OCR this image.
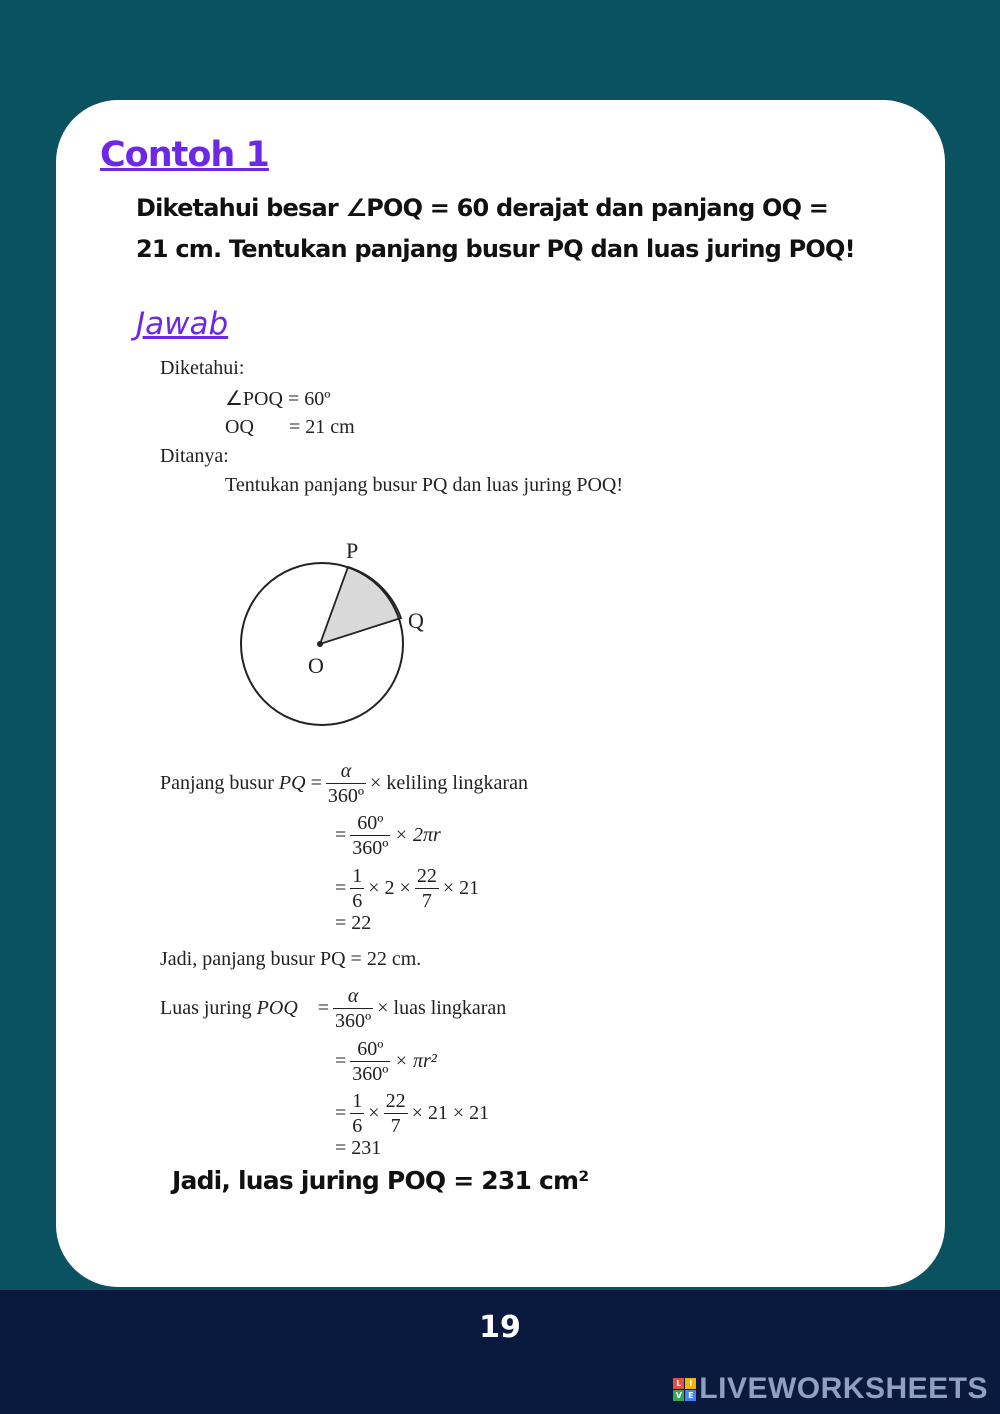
Contoh 1

Diketahui besar ∠POQ = 60 derajat dan panjang OQ = 21 cm. Tentukan panjang busur PQ dan luas juring POQ!

Jawab
Diketahui:
∠POQ = 60º
OQ = 21 cm
Ditanya:
Tentukan panjang busur PQ dan luas juring POQ!
P
Q
O
Panjang busur
PQ
= $\frac{\alpha}{\text{360º}}$ × keliling lingkaran
= $\frac{\text{60º}}{\text{360º}} \times 2\pi r$
= $\frac{1}{6} \times 2 \times \frac{22}{7} \times 21$
= 22
Jadi, panjang busur PQ = 22 cm.
Luas juring
POQ
= $\frac{\alpha}{\text{360º}}$ × luas lingkaran
= $\frac{\text{60º}}{\text{360º}} \times \pi r^2$
= $\frac{1}{6} \times \frac{22}{7} \times 21 \times 21$
= 231
Jadi, luas juring POQ = 231 cm²
19
L I
V E LIVEWORKSHEETS
